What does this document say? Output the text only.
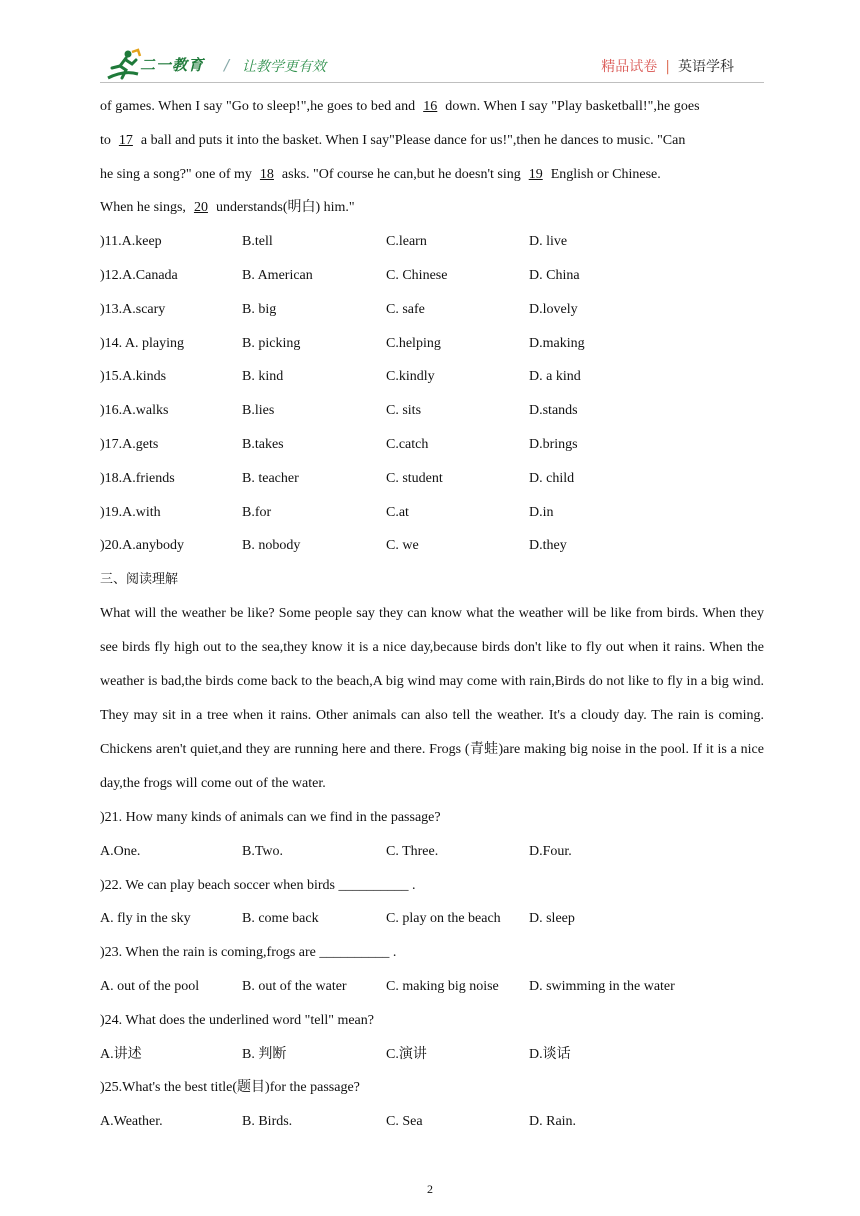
二一教育 / 让教学更有效	精品试卷 | 英语学科
of games. When I say "Go to sleep!",he goes to bed and 16 down. When I say "Play basketball!",he goes
to 17 a ball and puts it into the basket. When I say"Please dance for us!",then he dances to music. "Can
he sing a song?" one of my 18 asks. "Of course he can,but he doesn't sing 19 English or Chinese.
When he sings, 20 understands(明白) him."
)11.A.keep	B.tell	C.learn	D. live
)12.A.Canada	B. American	C. Chinese	D. China
)13.A.scary	B. big	C. safe	D.lovely
)14. A. playing	B. picking	C.helping	D.making
)15.A.kinds	B. kind	C.kindly	D. a kind
)16.A.walks	B.lies	C. sits	D.stands
)17.A.gets	B.takes	C.catch	D.brings
)18.A.friends	B. teacher	C. student	D. child
)19.A.with	B.for	C.at	D.in
)20.A.anybody	B. nobody	C. we	D.they
三、阅读理解

What will the weather be like? Some people say they can know what the weather will be like from birds. When they see birds fly high out to the sea,they know it is a nice day,because birds don't like to fly out when it rains. When the weather is bad,the birds come back to the beach,A big wind may come with rain,Birds do not like to fly in a big wind. They may sit in a tree when it rains. Other animals can also tell the weather. It's a cloudy day. The rain is coming. Chickens aren't quiet,and they are running here and there. Frogs (青蛙)are making big noise in the pool. If it is a nice day,the frogs will come out of the water.

)21. How many kinds of animals can we find in the passage?
A.One.	B.Two.	C. Three.	D.Four.
)22. We can play beach soccer when birds __________ .
A. fly in the sky	B. come back	C. play on the beach D. sleep
)23. When the rain is coming,frogs are __________ .
A. out of the pool	B. out of the water	C. making big noise D. swimming in the water
)24. What does the underlined word "tell" mean?
A.讲述	B. 判断	C.演讲	D.谈话
)25.What's the best title(题目)for the passage?
A.Weather.	B. Birds.	C. Sea	D. Rain.
2
